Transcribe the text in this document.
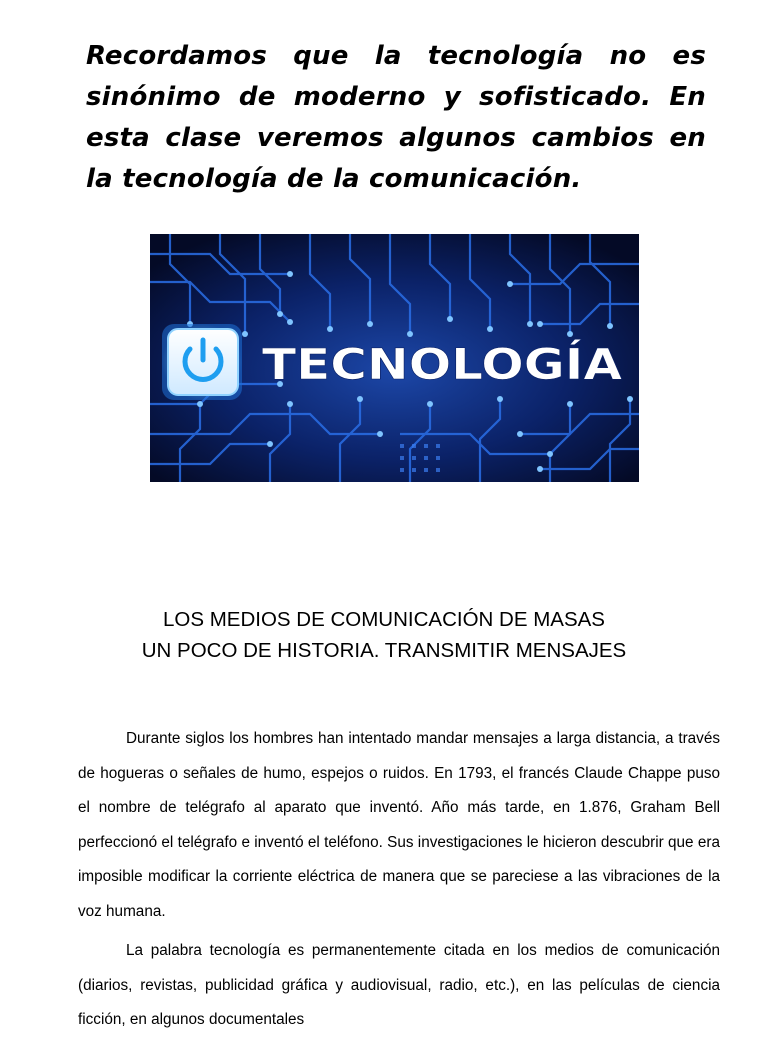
Recordamos que la tecnología no es sinónimo de moderno y sofisticado. En esta clase veremos algunos cambios en la tecnología de la comunicación.

TECNOLOGÍA
LOS MEDIOS DE COMUNICACIÓN DE MASAS
UN POCO DE HISTORIA. TRANSMITIR MENSAJES

Durante siglos los hombres han intentado mandar mensajes a larga distancia, a través de hogueras o señales de humo, espejos o ruidos. En 1793, el francés Claude Chappe puso el nombre de telégrafo al aparato que inventó. Año más tarde, en 1.876, Graham Bell perfeccionó el telégrafo e inventó el teléfono. Sus investigaciones le hicieron descubrir que era imposible modificar la corriente eléctrica de manera que se pareciese a las vibraciones de la voz humana.

La palabra tecnología es permanentemente citada en los medios de comunicación (diarios, revistas, publicidad gráfica y audiovisual, radio, etc.), en las películas de ciencia ficción, en algunos documentales
